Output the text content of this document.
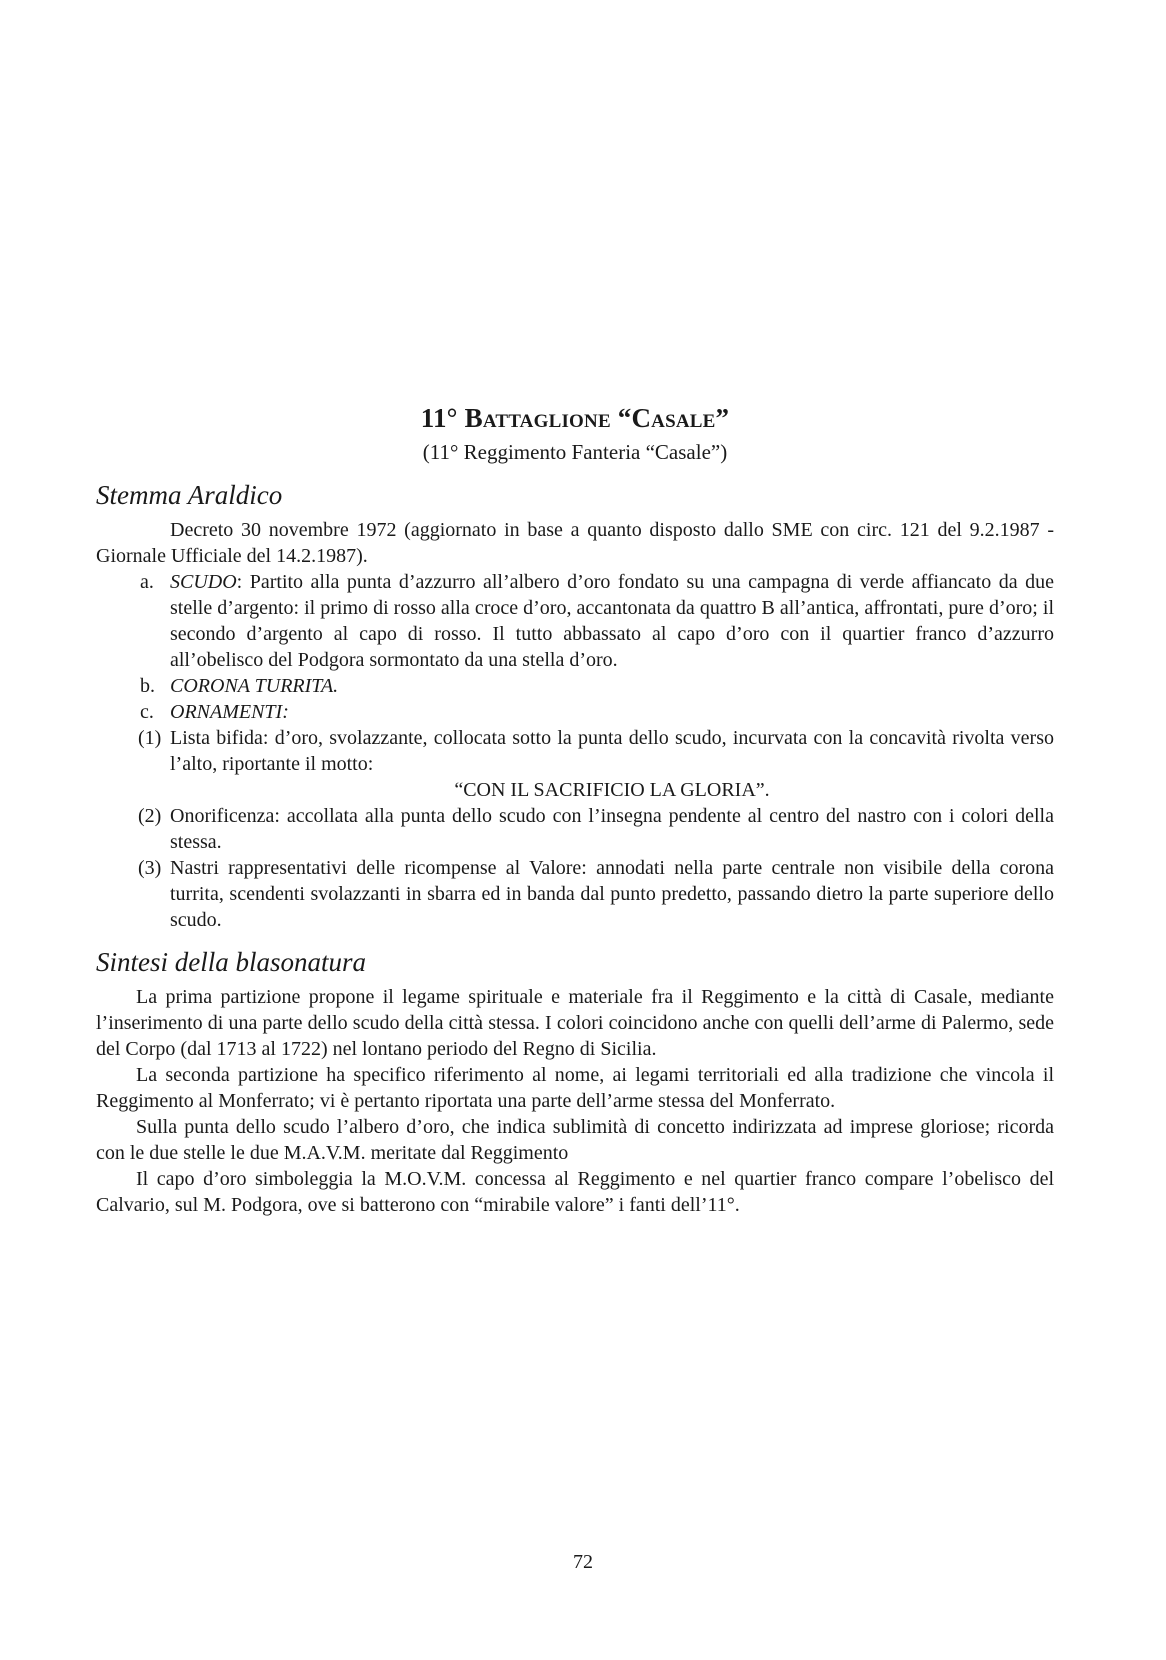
11° Battaglione “Casale”
(11° Reggimento Fanteria “Casale”)
Stemma Araldico

Decreto 30 novembre 1972 (aggiornato in base a quanto disposto dallo SME con circ. 121 del 9.2.1987 - Giornale Ufficiale del 14.2.1987).

a. SCUDO: Partito alla punta d’azzurro all’albero d’oro fondato su una campagna di verde affiancato da due stelle d’argento: il primo di rosso alla croce d’oro, accantonata da quattro B all’antica, affrontati, pure d’oro; il secondo d’argento al capo di rosso. Il tutto abbassato al capo d’oro con il quartier franco d’azzurro all’obelisco del Podgora sormontato da una stella d’oro.
b. CORONA TURRITA.
c. ORNAMENTI:
(1) Lista bifida: d’oro, svolazzante, collocata sotto la punta dello scudo, incurvata con la concavità rivolta verso l’alto, riportante il motto:
“CON IL SACRIFICIO LA GLORIA”.
(2) Onorificenza: accollata alla punta dello scudo con l’insegna pendente al centro del nastro con i colori della stessa.
(3) Nastri rappresentativi delle ricompense al Valore: annodati nella parte centrale non visibile della corona turrita, scendenti svolazzanti in sbarra ed in banda dal punto predetto, passando dietro la parte superiore dello scudo.
Sintesi della blasonatura

La prima partizione propone il legame spirituale e materiale fra il Reggimento e la città di Casale, mediante l’inserimento di una parte dello scudo della città stessa. I colori coincidono anche con quelli dell’arme di Palermo, sede del Corpo (dal 1713 al 1722) nel lontano periodo del Regno di Sicilia.

La seconda partizione ha specifico riferimento al nome, ai legami territoriali ed alla tradizione che vincola il Reggimento al Monferrato; vi è pertanto riportata una parte dell’arme stessa del Monferrato.

Sulla punta dello scudo l’albero d’oro, che indica sublimità di concetto indirizzata ad imprese gloriose; ricorda con le due stelle le due M.A.V.M. meritate dal Reggimento

Il capo d’oro simboleggia la M.O.V.M. concessa al Reggimento e nel quartier franco compare l’obelisco del Calvario, sul M. Podgora, ove si batterono con “mirabile valore” i fanti dell’11°.

72
